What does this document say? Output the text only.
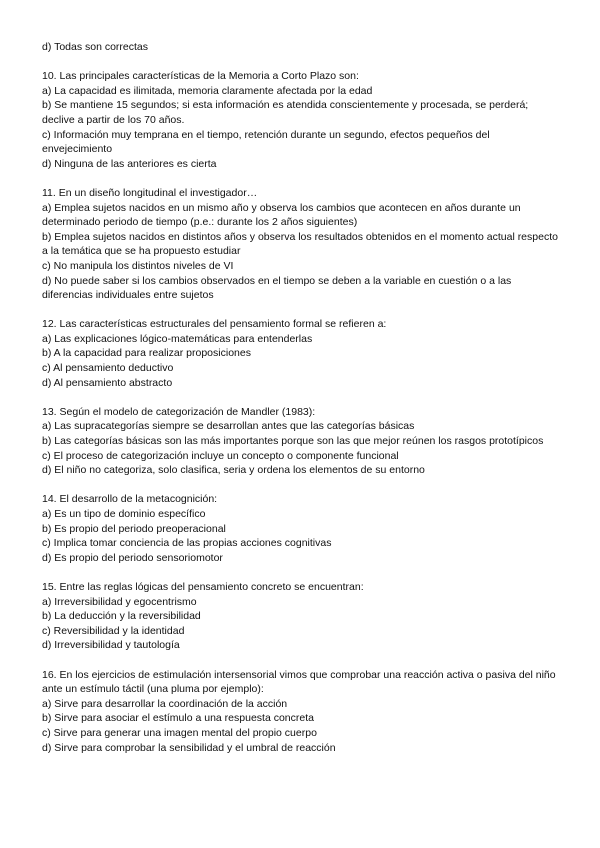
d) Todas son correctas
10. Las principales características de la Memoria a Corto Plazo son:
a) La capacidad es ilimitada, memoria claramente afectada por la edad
b) Se mantiene 15 segundos; si esta información es atendida conscientemente y procesada, se perderá; declive a partir de los 70 años.
c) Información muy temprana en el tiempo, retención durante un segundo, efectos pequeños del envejecimiento
d) Ninguna de las anteriores es cierta
11. En un diseño longitudinal el investigador…
a) Emplea sujetos nacidos en un mismo año y observa los cambios que acontecen en años durante un determinado periodo de tiempo (p.e.: durante los 2 años siguientes)
b) Emplea sujetos nacidos en distintos años y observa los resultados obtenidos en el momento actual respecto a la temática que se ha propuesto estudiar
c) No manipula los distintos niveles de VI
d) No puede saber si los cambios observados en el tiempo se deben a la variable en cuestión o a las diferencias individuales entre sujetos
12. Las características estructurales del pensamiento formal se refieren a:
a) Las explicaciones lógico-matemáticas para entenderlas
b) A la capacidad para realizar proposiciones
c) Al pensamiento deductivo
d) Al pensamiento abstracto
13. Según el modelo de categorización de Mandler (1983):
a) Las supracategorías siempre se desarrollan antes que las categorías básicas
b) Las categorías básicas son las más importantes porque son las que mejor reúnen los rasgos prototípicos
c) El proceso de categorización incluye un concepto o componente funcional
d) El niño no categoriza, solo clasifica, seria y ordena los elementos de su entorno
14. El desarrollo de la metacognición:
a) Es un tipo de dominio específico
b) Es propio del periodo preoperacional
c) Implica tomar conciencia de las propias acciones cognitivas
d) Es propio del periodo sensoriomotor
15. Entre las reglas lógicas del pensamiento concreto se encuentran:
a) Irreversibilidad y egocentrismo
b) La deducción y la reversibilidad
c) Reversibilidad y la identidad
d) Irreversibilidad y tautología
16. En los ejercicios de estimulación intersensorial vimos que comprobar una reacción activa o pasiva del niño ante un estímulo táctil (una pluma por ejemplo):
a) Sirve para desarrollar la coordinación de la acción
b) Sirve para asociar el estímulo a una respuesta concreta
c) Sirve para generar una imagen mental del propio cuerpo
d) Sirve para comprobar la sensibilidad y el umbral de reacción
